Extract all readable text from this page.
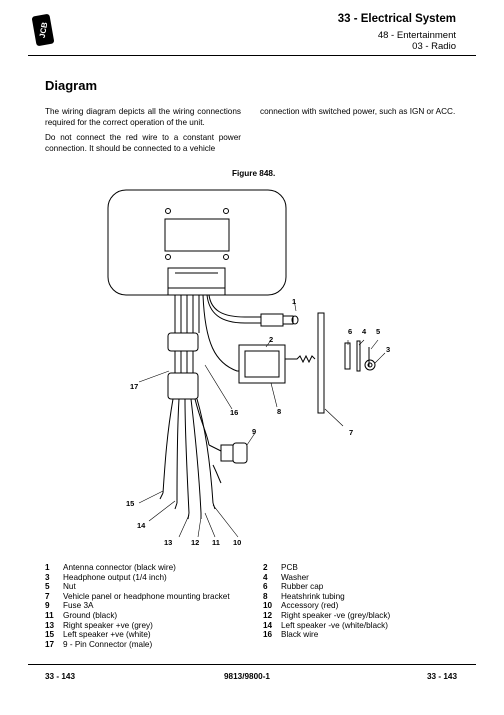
JCB
33 - Electrical System
48 - Entertainment
03 - Radio
Diagram
The wiring diagram depicts all the wiring connections required for the correct operation of the unit.
Do not connect the red wire to a constant power connection. It should be connected to a vehicle
connection with switched power, such as IGN or ACC.
Figure 848.
1
2
3
4 5
6
7
8
9
10
11
12
13
14
15
16
17
1	Antenna connector (black wire)
3	Headphone output (1/4 inch)
5	Nut
7	Vehicle panel or headphone mounting bracket
9	Fuse 3A
11	Ground (black)
13	Right speaker +ve (grey)
15	Left speaker +ve (white)
17	9 - Pin Connector (male)
2	PCB
4	Washer
6	Rubber cap
8	Heatshrink tubing
10	Accessory (red)
12	Right speaker -ve (grey/black)
14	Left speaker -ve (white/black)
16	Black wire
33 - 143	9813/9800-1	33 - 143
